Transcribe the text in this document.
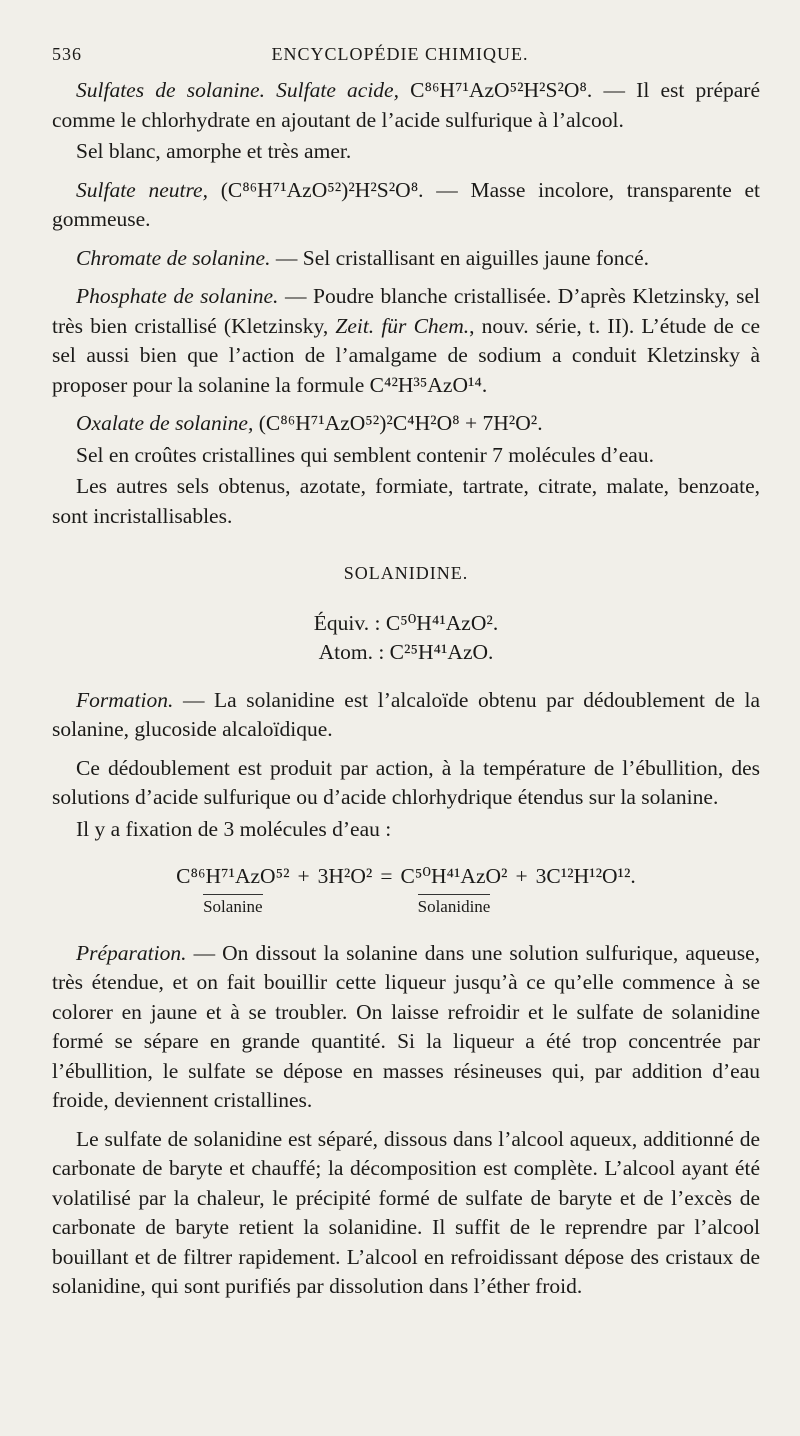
536	ENCYCLOPÉDIE CHIMIQUE.

Sulfates de solanine. Sulfate acide, C⁸⁶H⁷¹AzO⁵²H²S²O⁸. — Il est préparé comme le chlorhydrate en ajoutant de l’acide sulfurique à l’alcool.

Sel blanc, amorphe et très amer.

Sulfate neutre, (C⁸⁶H⁷¹AzO⁵²)²H²S²O⁸. — Masse incolore, transparente et gommeuse.

Chromate de solanine. — Sel cristallisant en aiguilles jaune foncé.

Phosphate de solanine. — Poudre blanche cristallisée. D’après Kletzinsky, sel très bien cristallisé (Kletzinsky, Zeit. für Chem., nouv. série, t. II). L’étude de ce sel aussi bien que l’action de l’amalgame de sodium a conduit Kletzinsky à proposer pour la solanine la formule C⁴²H³⁵AzO¹⁴.

Oxalate de solanine, (C⁸⁶H⁷¹AzO⁵²)²C⁴H²O⁸ + 7H²O².

Sel en croûtes cristallines qui semblent contenir 7 molécules d’eau.

Les autres sels obtenus, azotate, formiate, tartrate, citrate, malate, benzoate, sont incristallisables.

SOLANIDINE.
Équiv. : C⁵⁰H⁴¹AzO².
Atom. : C²⁵H⁴¹AzO.

Formation. — La solanidine est l’alcaloïde obtenu par dédoublement de la solanine, glucoside alcaloïdique.

Ce dédoublement est produit par action, à la température de l’ébullition, des solutions d’acide sulfurique ou d’acide chlorhydrique étendus sur la solanine.

Il y a fixation de 3 molécules d’eau :

C⁸⁶H⁷¹AzO⁵²
Solanine
+ 3H²O² = C⁵⁰H⁴¹AzO²
Solanidine
+ 3C¹²H¹²O¹².

Préparation. — On dissout la solanine dans une solution sulfurique, aqueuse, très étendue, et on fait bouillir cette liqueur jusqu’à ce qu’elle commence à se colorer en jaune et à se troubler. On laisse refroidir et le sulfate de solanidine formé se sépare en grande quantité. Si la liqueur a été trop concentrée par l’ébullition, le sulfate se dépose en masses résineuses qui, par addition d’eau froide, deviennent cristallines.

Le sulfate de solanidine est séparé, dissous dans l’alcool aqueux, additionné de carbonate de baryte et chauffé; la décomposition est complète. L’alcool ayant été volatilisé par la chaleur, le précipité formé de sulfate de baryte et de l’excès de carbonate de baryte retient la solanidine. Il suffit de le reprendre par l’alcool bouillant et de filtrer rapidement. L’alcool en refroidissant dépose des cristaux de solanidine, qui sont purifiés par dissolution dans l’éther froid.
